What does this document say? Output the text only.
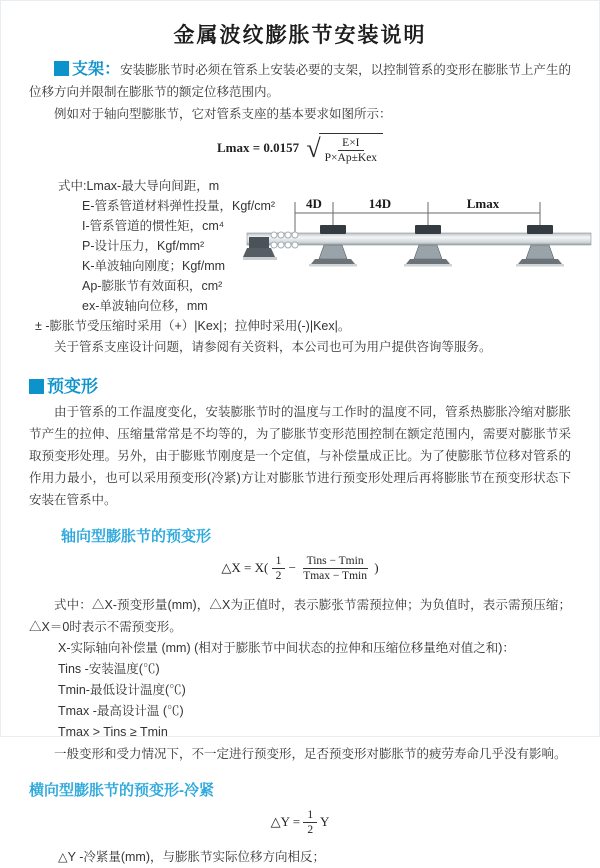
金属波纹膨胀节安装说明

支架：安装膨胀节时必须在管系上安装必要的支架，以控制管系的变形在膨胀节上产生的位移方向并限制在膨胀节的额定位移范围内。

例如对于轴向型膨胀节，它对管系支座的基本要求如图所示：

Lmax = 0.0157 √ $\frac{E\times I}{\text{P×Ap±Kex}}$
式中:Lmax-最大导向间距，m
E-管系管道材料弹性投量，Kgf/cm²
I-管系管道的惯性矩，cm⁴
P-设计压力，Kgf/mm²
K-单波轴向刚度；Kgf/mm
Ap-膨胀节有效面积，cm²
ex-单波轴向位移，mm
± -膨胀节受压缩时采用（+）|Kex|；拉伸时采用(-)|Kex|。
关于管系支座设计问题，请参阅有关资料，本公司也可为用户提供咨询等服务。
4D	14D	Lmax
预变形

由于管系的工作温度变化，安装膨胀节时的温度与工作时的温度不同，管系热膨胀冷缩对膨胀节产生的拉伸、压缩量常常是不均等的，为了膨胀节变形范围控制在额定范围内，需要对膨胀节采取预变形处理。另外，由于膨账节刚度是一个定值，与补偿量成正比。为了使膨胀节位移对管系的作用力最小，也可以采用预变形(冷紧)方让对膨胀节进行预变形处理后再将膨胀节在预变形状态下安装在管系中。

轴向型膨胀节的预变形
△X = $X( \frac{1}{2} - \frac{\text{Tins − Tmin}}{Tmax - Tmin}$ )

式中：△X-预变形量(mm)，△X为正值时，表示膨张节需预拉伸；为负值时，表示需预压缩；△X＝0时表示不需预变形。

X-实际轴向补偿量 (mm) (相对于膨胀节中间状态的拉伸和压缩位移量绝对值之和)：
Tins -安装温度(℃)
Tmin-最低设计温度(℃)
Tmax -最高设计温 (℃)
Tmax > Tins ≥ Tmin

一般变形和受力情况下，不一定进行预变形，足否预变形对膨胀节的疲劳寿命几乎没有影响。

横向型膨胀节的预变形-冷紧
△Y = $\frac{1}{2}$ Y
△Y -冷紧量(mm)，与膨胀节实际位移方向相反；
